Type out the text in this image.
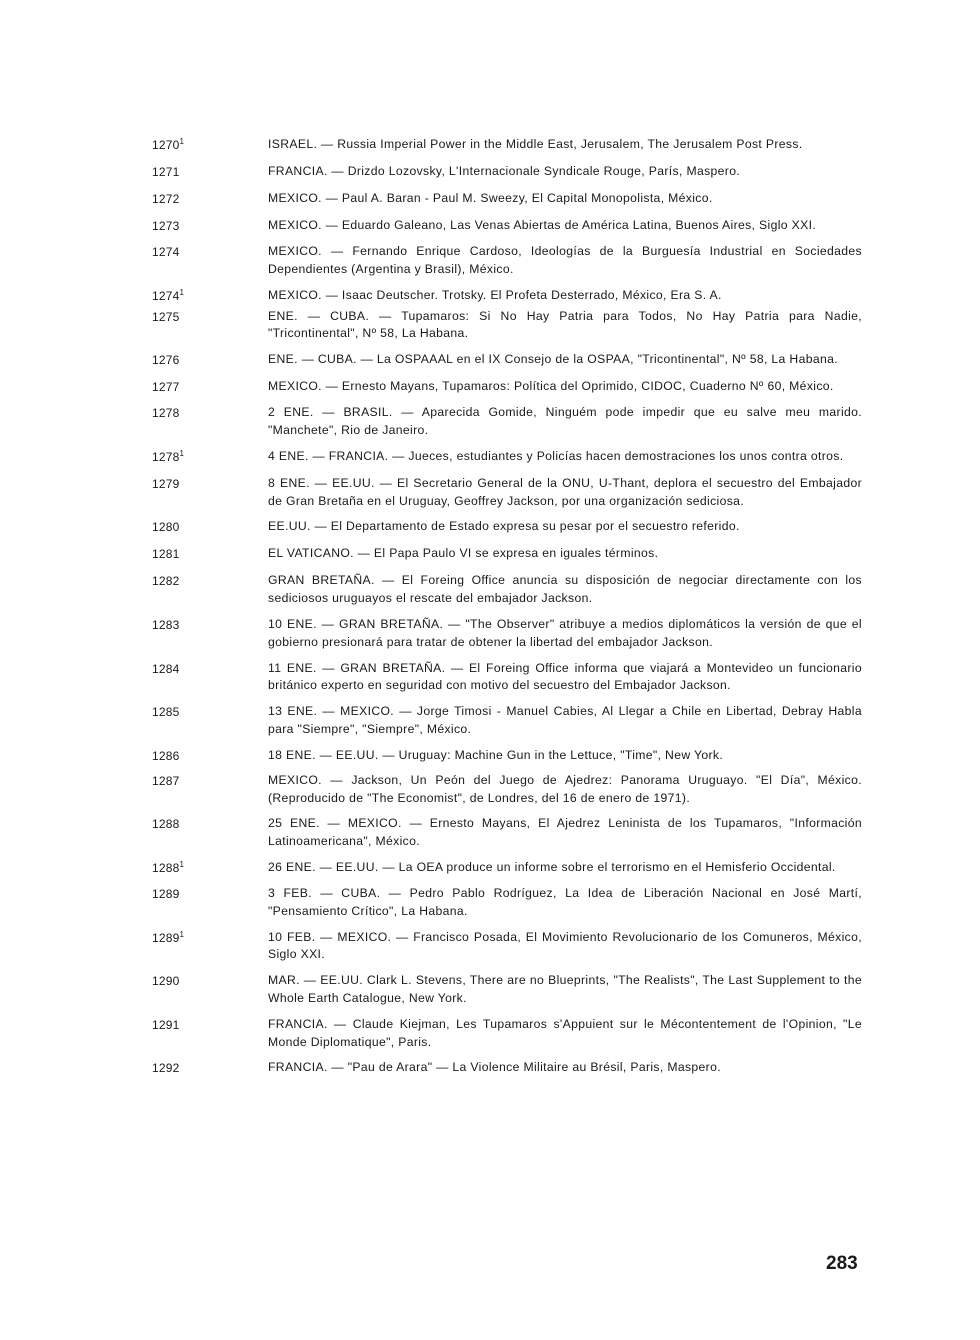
1270$^1$	ISRAEL. — Russia Imperial Power in the Middle East, Jerusalem, The Jerusalem Post Press.
1271	FRANCIA. — Drizdo Lozovsky, L'Internacionale Syndicale Rouge, París, Maspero.
1272	MEXICO. — Paul A. Baran - Paul M. Sweezy, El Capital Monopolista, México.
1273	MEXICO. — Eduardo Galeano, Las Venas Abiertas de América Latina, Buenos Aires, Siglo XXI.
1274	MEXICO. — Fernando Enrique Cardoso, Ideologías de la Burguesía Industrial en Sociedades Dependientes (Argentina y Brasil), México.
1274$^1$	MEXICO. — Isaac Deutscher. Trotsky. El Profeta Desterrado, México, Era S. A.
1275	ENE. — CUBA. — Tupamaros: Si No Hay Patria para Todos, No Hay Patria para Nadie, "Tricontinental", Nº 58, La Habana.
1276	ENE. — CUBA. — La OSPAAAL en el IX Consejo de la OSPAA, "Tricontinental", Nº 58, La Habana.
1277	MEXICO. — Ernesto Mayans, Tupamaros: Política del Oprimido, CIDOC, Cuaderno Nº 60, México.
1278	2 ENE. — BRASIL. — Aparecida Gomide, Ninguém pode impedir que eu salve meu marido. "Manchete", Rio de Janeiro.
1278$^1$	4 ENE. — FRANCIA. — Jueces, estudiantes y Policías hacen demostraciones los unos contra otros.
1279	8 ENE. — EE.UU. — El Secretario General de la ONU, U-Thant, deplora el secuestro del Embajador de Gran Bretaña en el Uruguay, Geoffrey Jackson, por una organización sediciosa.
1280	EE.UU. — El Departamento de Estado expresa su pesar por el secuestro referido.
1281	EL VATICANO. — El Papa Paulo VI se expresa en iguales términos.
1282	GRAN BRETAÑA. — El Foreing Office anuncia su disposición de negociar directamente con los sediciosos uruguayos el rescate del embajador Jackson.
1283	10 ENE. — GRAN BRETAÑA. — "The Observer" atribuye a medios diplomáticos la versión de que el gobierno presionará para tratar de obtener la libertad del embajador Jackson.
1284	11 ENE. — GRAN BRETAÑA. — El Foreing Office informa que viajará a Montevideo un funcionario británico experto en seguridad con motivo del secuestro del Embajador Jackson.
1285	13 ENE. — MEXICO. — Jorge Timosi - Manuel Cabies, Al Llegar a Chile en Libertad, Debray Habla para "Siempre", "Siempre", México.
1286	18 ENE. — EE.UU. — Uruguay: Machine Gun in the Lettuce, "Time", New York.
1287	MEXICO. — Jackson, Un Peón del Juego de Ajedrez: Panorama Uruguayo. "El Día", México. (Reproducido de "The Economist", de Londres, del 16 de enero de 1971).
1288	25 ENE. — MEXICO. — Ernesto Mayans, El Ajedrez Leninista de los Tupamaros, "Información Latinoamericana", México.
1288$^1$	26 ENE. — EE.UU. — La OEA produce un informe sobre el terrorismo en el Hemisferio Occidental.
1289	3 FEB. — CUBA. — Pedro Pablo Rodríguez, La Idea de Liberación Nacional en José Martí, "Pensamiento Crítico", La Habana.
1289$^1$	10 FEB. — MEXICO. — Francisco Posada, El Movimiento Revolucionario de los Comuneros, México, Siglo XXI.
1290	MAR. — EE.UU. Clark L. Stevens, There are no Blueprints, "The Realists", The Last Supplement to the Whole Earth Catalogue, New York.
1291	FRANCIA. — Claude Kiejman, Les Tupamaros s'Appuient sur le Mécontentement de l'Opinion, "Le Monde Diplomatique", Paris.
1292	FRANCIA. — "Pau de Arara" — La Violence Militaire au Brésil, Paris, Maspero.
283
